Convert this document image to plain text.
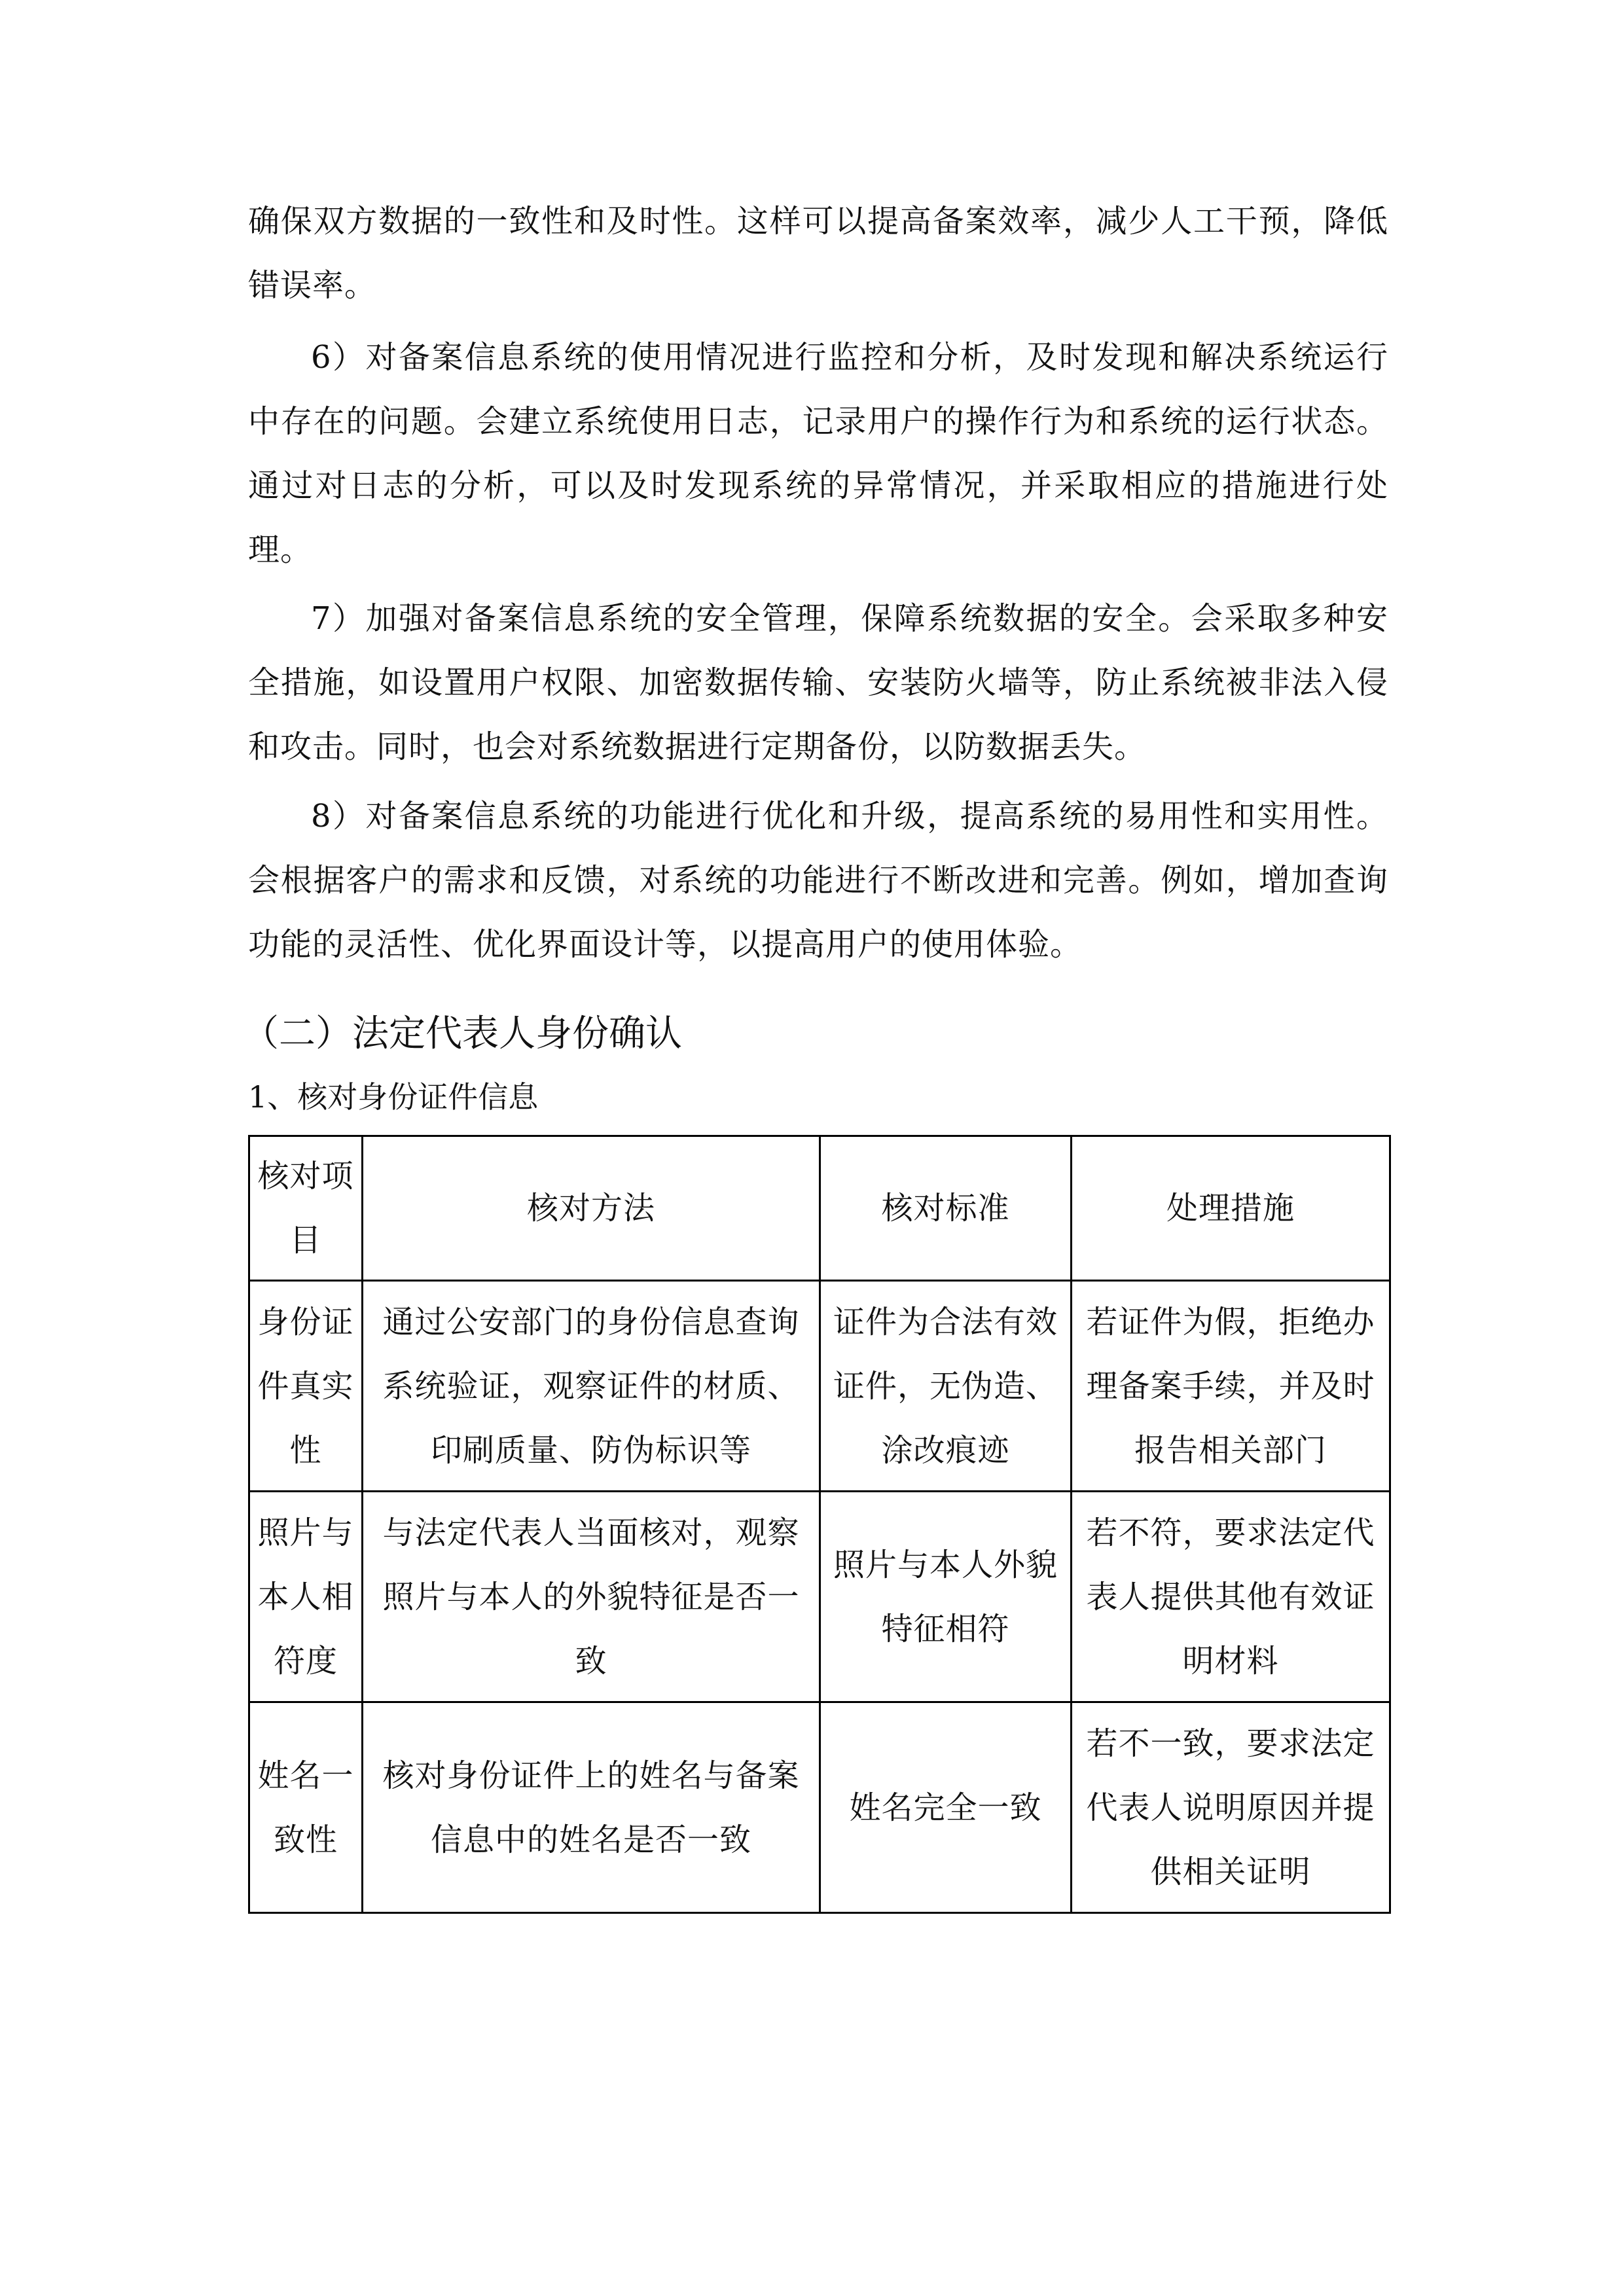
确保双方数据的一致性和及时性。这样可以提高备案效率，减少人工干预，降低错误率。

6）对备案信息系统的使用情况进行监控和分析，及时发现和解决系统运行中存在的问题。会建立系统使用日志，记录用户的操作行为和系统的运行状态。通过对日志的分析，可以及时发现系统的异常情况，并采取相应的措施进行处理。

7）加强对备案信息系统的安全管理，保障系统数据的安全。会采取多种安全措施，如设置用户权限、加密数据传输、安装防火墙等，防止系统被非法入侵和攻击。同时，也会对系统数据进行定期备份，以防数据丢失。

8）对备案信息系统的功能进行优化和升级，提高系统的易用性和实用性。会根据客户的需求和反馈，对系统的功能进行不断改进和完善。例如，增加查询功能的灵活性、优化界面设计等，以提高用户的使用体验。

（二）法定代表人身份确认
1、核对身份证件信息
核对项目	核对方法	核对标准	处理措施
身份证件真实性	通过公安部门的身份信息查询系统验证，观察证件的材质、印刷质量、防伪标识等	证件为合法有效证件，无伪造、涂改痕迹	若证件为假，拒绝办理备案手续，并及时报告相关部门
照片与本人相符度	与法定代表人当面核对，观察照片与本人的外貌特征是否一致	照片与本人外貌特征相符	若不符，要求法定代表人提供其他有效证明材料
姓名一致性	核对身份证件上的姓名与备案信息中的姓名是否一致	姓名完全一致	若不一致，要求法定代表人说明原因并提供相关证明
